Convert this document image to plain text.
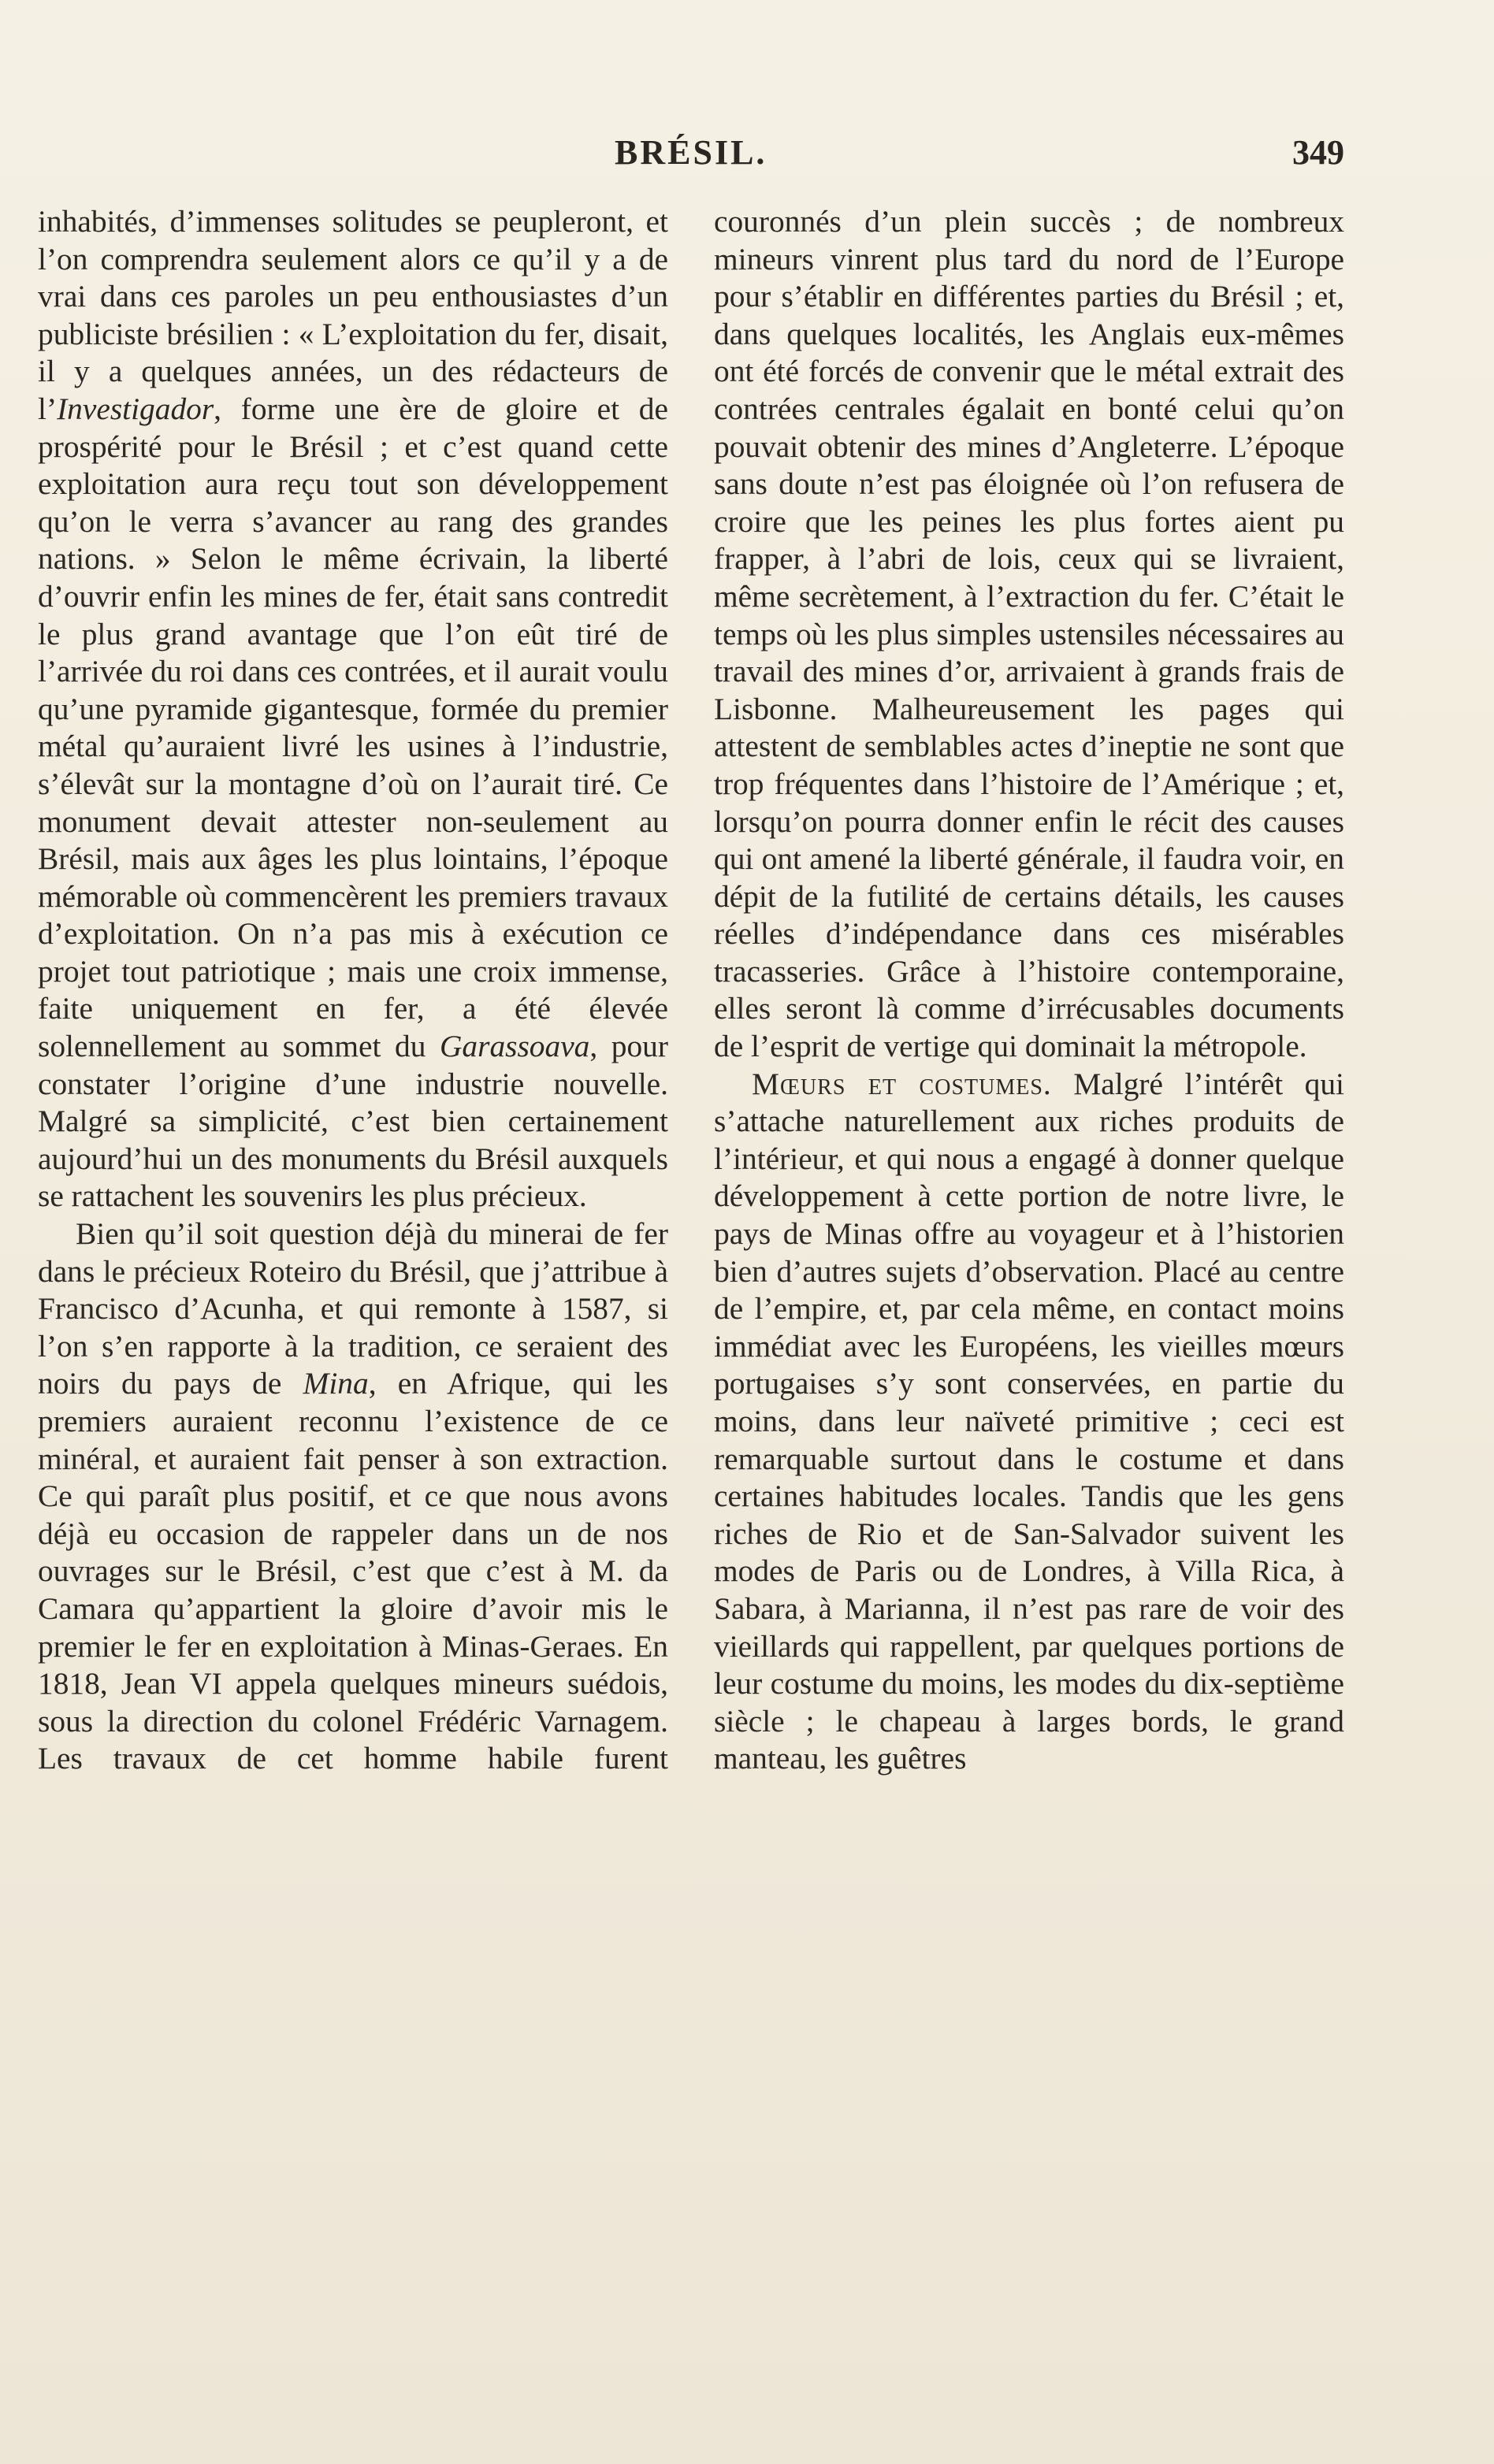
BRÉSIL.	349

inhabités, d’immenses solitudes se peupleront, et l’on comprendra seulement alors ce qu’il y a de vrai dans ces paroles un peu enthousiastes d’un publiciste brésilien : « L’exploitation du fer, disait, il y a quelques années, un des rédacteurs de l’Investigador, forme une ère de gloire et de prospérité pour le Brésil ; et c’est quand cette exploitation aura reçu tout son développement qu’on le verra s’avancer au rang des grandes nations. » Selon le même écrivain, la liberté d’ouvrir enfin les mines de fer, était sans contredit le plus grand avantage que l’on eût tiré de l’arrivée du roi dans ces contrées, et il aurait voulu qu’une pyramide gigantesque, formée du premier métal qu’auraient livré les usines à l’industrie, s’élevât sur la montagne d’où on l’aurait tiré. Ce monument devait attester non-seulement au Brésil, mais aux âges les plus lointains, l’époque mémorable où commencèrent les premiers travaux d’exploitation. On n’a pas mis à exécution ce projet tout patriotique ; mais une croix immense, faite uniquement en fer, a été élevée solennellement au sommet du Garassoava, pour constater l’origine d’une industrie nouvelle. Malgré sa simplicité, c’est bien certainement aujourd’hui un des monuments du Brésil auxquels se rattachent les souvenirs les plus précieux.

Bien qu’il soit question déjà du minerai de fer dans le précieux Roteiro du Brésil, que j’attribue à Francisco d’Acunha, et qui remonte à 1587, si l’on s’en rapporte à la tradition, ce seraient des noirs du pays de Mina, en Afrique, qui les premiers auraient reconnu l’existence de ce minéral, et auraient fait penser à son extraction. Ce qui paraît plus positif, et ce que nous avons déjà eu occasion de rappeler dans un de nos ouvrages sur le Brésil, c’est que c’est à M. da Camara qu’appartient la gloire d’avoir mis le premier le fer en exploitation à Minas-Geraes. En 1818, Jean VI appela quelques mineurs suédois, sous la direction du colonel Frédéric Varnagem. Les travaux de cet homme habile furent

couronnés d’un plein succès ; de nombreux mineurs vinrent plus tard du nord de l’Europe pour s’établir en différentes parties du Brésil ; et, dans quelques localités, les Anglais eux-mêmes ont été forcés de convenir que le métal extrait des contrées centrales égalait en bonté celui qu’on pouvait obtenir des mines d’Angleterre. L’époque sans doute n’est pas éloignée où l’on refusera de croire que les peines les plus fortes aient pu frapper, à l’abri de lois, ceux qui se livraient, même secrètement, à l’extraction du fer. C’était le temps où les plus simples ustensiles nécessaires au travail des mines d’or, arrivaient à grands frais de Lisbonne. Malheureusement les pages qui attestent de semblables actes d’ineptie ne sont que trop fréquentes dans l’histoire de l’Amérique ; et, lorsqu’on pourra donner enfin le récit des causes qui ont amené la liberté générale, il faudra voir, en dépit de la futilité de certains détails, les causes réelles d’indépendance dans ces misérables tracasseries. Grâce à l’histoire contemporaine, elles seront là comme d’irrécusables documents de l’esprit de vertige qui dominait la métropole.

Mœurs et costumes. Malgré l’intérêt qui s’attache naturellement aux riches produits de l’intérieur, et qui nous a engagé à donner quelque développement à cette portion de notre livre, le pays de Minas offre au voyageur et à l’historien bien d’autres sujets d’observation. Placé au centre de l’empire, et, par cela même, en contact moins immédiat avec les Européens, les vieilles mœurs portugaises s’y sont conservées, en partie du moins, dans leur naïveté primitive ; ceci est remarquable surtout dans le costume et dans certaines habitudes locales. Tandis que les gens riches de Rio et de San-Salvador suivent les modes de Paris ou de Londres, à Villa Rica, à Sabara, à Marianna, il n’est pas rare de voir des vieillards qui rappellent, par quelques portions de leur costume du moins, les modes du dix-septième siècle ; le chapeau à larges bords, le grand manteau, les guêtres
